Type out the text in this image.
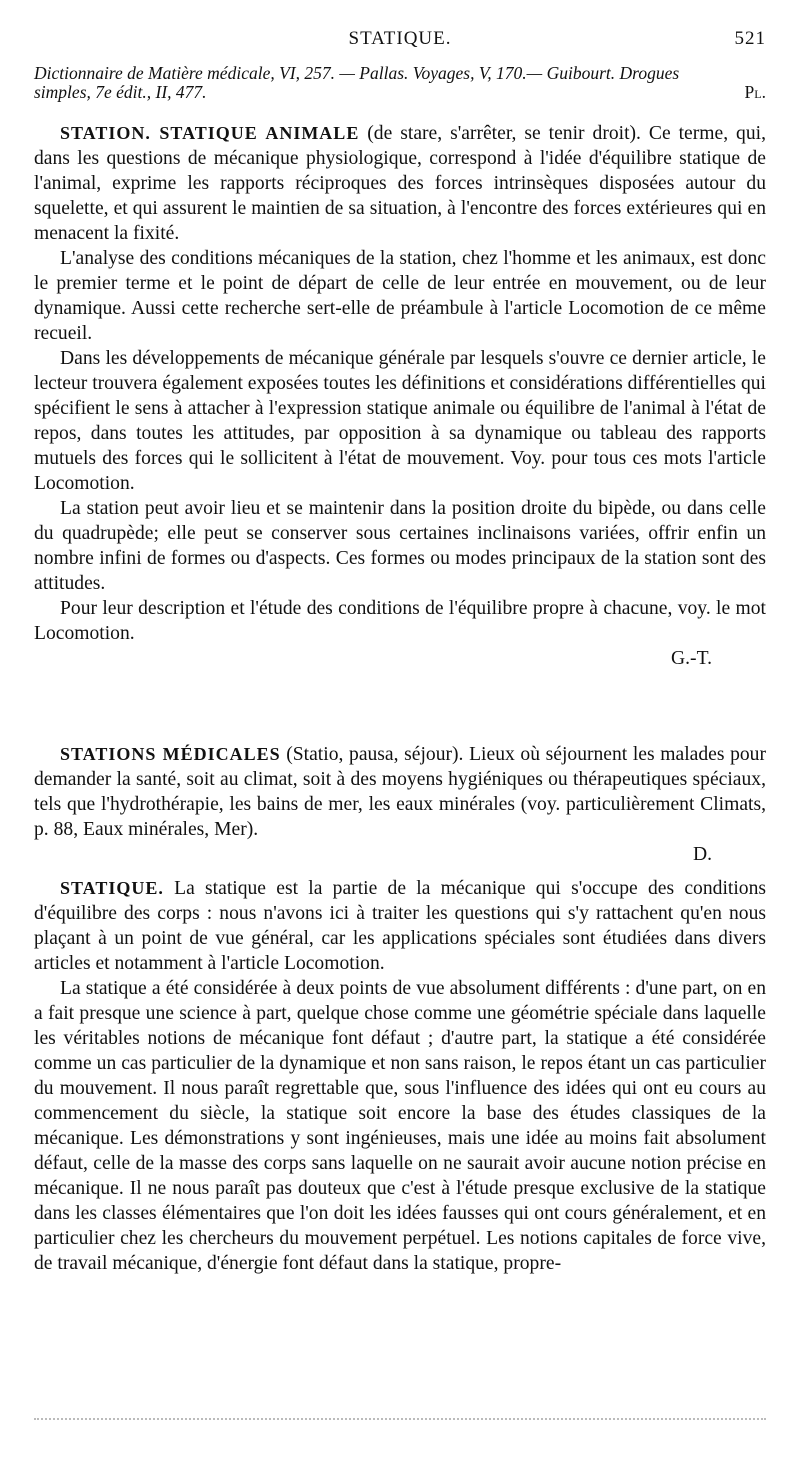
STATIQUE.	521
Dictionnaire de Matière médicale, VI, 257. — Pallas. Voyages, V, 170.— Guibourt. Drogues
simples, 7e édit., II, 477.	Pl.

STATION. STATIQUE ANIMALE (de stare, s'arrêter, se tenir droit). Ce terme, qui, dans les questions de mécanique physiologique, correspond à l'idée d'équilibre statique de l'animal, exprime les rapports réciproques des forces intrinsèques disposées autour du squelette, et qui assurent le maintien de sa situation, à l'encontre des forces extérieures qui en menacent la fixité.

L'analyse des conditions mécaniques de la station, chez l'homme et les animaux, est donc le premier terme et le point de départ de celle de leur entrée en mouvement, ou de leur dynamique. Aussi cette recherche sert-elle de préambule à l'article Locomotion de ce même recueil.

Dans les développements de mécanique générale par lesquels s'ouvre ce dernier article, le lecteur trouvera également exposées toutes les définitions et considérations différentielles qui spécifient le sens à attacher à l'expression statique animale ou équilibre de l'animal à l'état de repos, dans toutes les attitudes, par opposition à sa dynamique ou tableau des rapports mutuels des forces qui le sollicitent à l'état de mouvement. Voy. pour tous ces mots l'article Locomotion.

La station peut avoir lieu et se maintenir dans la position droite du bipède, ou dans celle du quadrupède; elle peut se conserver sous certaines inclinaisons variées, offrir enfin un nombre infini de formes ou d'aspects. Ces formes ou modes principaux de la station sont des attitudes.

Pour leur description et l'étude des conditions de l'équilibre propre à chacune, voy. le mot Locomotion.
G.-T.

STATIONS MÉDICALES (Statio, pausa, séjour). Lieux où séjournent les malades pour demander la santé, soit au climat, soit à des moyens hygiéniques ou thérapeutiques spéciaux, tels que l'hydrothérapie, les bains de mer, les eaux minérales (voy. particulièrement Climats, p. 88, Eaux minérales, Mer).
D.

STATIQUE. La statique est la partie de la mécanique qui s'occupe des conditions d'équilibre des corps : nous n'avons ici à traiter les questions qui s'y rattachent qu'en nous plaçant à un point de vue général, car les applications spéciales sont étudiées dans divers articles et notamment à l'article Locomotion.

La statique a été considérée à deux points de vue absolument différents : d'une part, on en a fait presque une science à part, quelque chose comme une géométrie spéciale dans laquelle les véritables notions de mécanique font défaut ; d'autre part, la statique a été considérée comme un cas particulier de la dynamique et non sans raison, le repos étant un cas particulier du mouvement. Il nous paraît regrettable que, sous l'influence des idées qui ont eu cours au commencement du siècle, la statique soit encore la base des études classiques de la mécanique. Les démonstrations y sont ingénieuses, mais une idée au moins fait absolument défaut, celle de la masse des corps sans laquelle on ne saurait avoir aucune notion précise en mécanique. Il ne nous paraît pas douteux que c'est à l'étude presque exclusive de la statique dans les classes élémentaires que l'on doit les idées fausses qui ont cours généralement, et en particulier chez les chercheurs du mouvement perpétuel. Les notions capitales de force vive, de travail mécanique, d'énergie font défaut dans la statique, propre-
